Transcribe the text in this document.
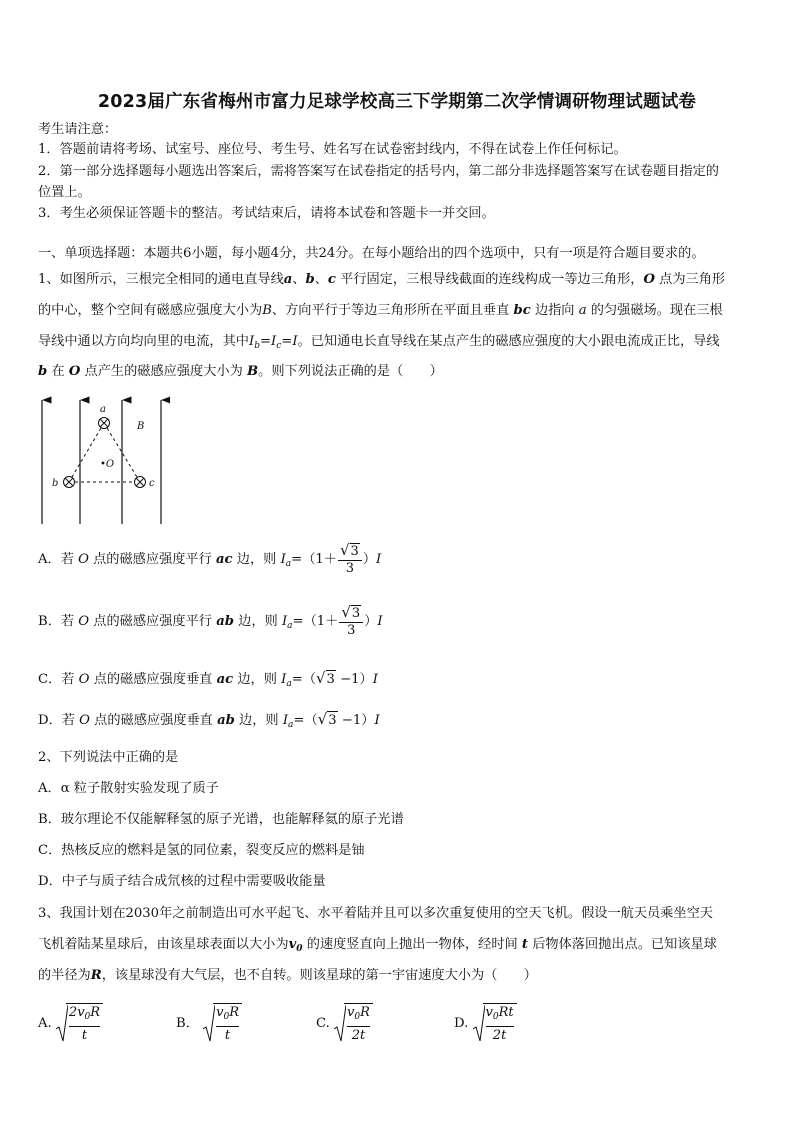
2023届广东省梅州市富力足球学校高三下学期第二次学情调研物理试题试卷
考生请注意：
1．答题前请将考场、试室号、座位号、考生号、姓名写在试卷密封线内，不得在试卷上作任何标记。
2．第一部分选择题每小题选出答案后，需将答案写在试卷指定的括号内，第二部分非选择题答案写在试卷题目指定的
位置上。
3．考生必须保证答题卡的整洁。考试结束后，请将本试卷和答题卡一并交回。
一、单项选择题：本题共6小题，每小题4分，共24分。在每小题给出的四个选项中，只有一项是符合题目要求的。
1、如图所示，三根完全相同的通电直导线a、b、c 平行固定，三根导线截面的连线构成一等边三角形，O 点为三角形
的中心，整个空间有磁感应强度大小为B、方向平行于等边三角形所在平面且垂直 bc 边指向 a 的匀强磁场。现在三根
导线中通以方向均向里的电流，其中$I_b=I_c=I$。已知通电长直导线在某点产生的磁感应强度的大小跟电流成正比，导线
b 在 O 点产生的磁感应强度大小为 B。则下列说法正确的是（　　）
a
b	c
•O
B
A．若 O 点的磁感应强度平行 ac 边，则 $I_a=(1+ \frac{√3}{3} )I$
B．若 O 点的磁感应强度平行 ab 边，则 $I_a=(1+ \frac{√3}{3} )I$
C．若 O 点的磁感应强度垂直 ac 边，则 $I_a=(√3 -1)I$
D．若 O 点的磁感应强度垂直 ab 边，则 $I_a=(√3 -1)I$
2、下列说法中正确的是
A．α 粒子散射实验发现了质子
B．玻尔理论不仅能解释氢的原子光谱，也能解释氦的原子光谱
C．热核反应的燃料是氢的同位素，裂变反应的燃料是铀
D．中子与质子结合成氘核的过程中需要吸收能量
3、我国计划在2030年之前制造出可水平起飞、水平着陆并且可以多次重复使用的空天飞机。假设一航天员乘坐空天
飞机着陆某星球后，由该星球表面以大小为$v_0$ 的速度竖直向上抛出一物体，经时间 t 后物体落回抛出点。已知该星球
的半径为R，该星球没有大气层，也不自转。则该星球的第一宇宙速度大小为（　　）
A. $\frac{2v_0R}{t}$	B． $\frac{v_0R}{t}$	C. $\frac{v_0R}{2t}$	D. $\frac{v_0Rt}{2t}$
